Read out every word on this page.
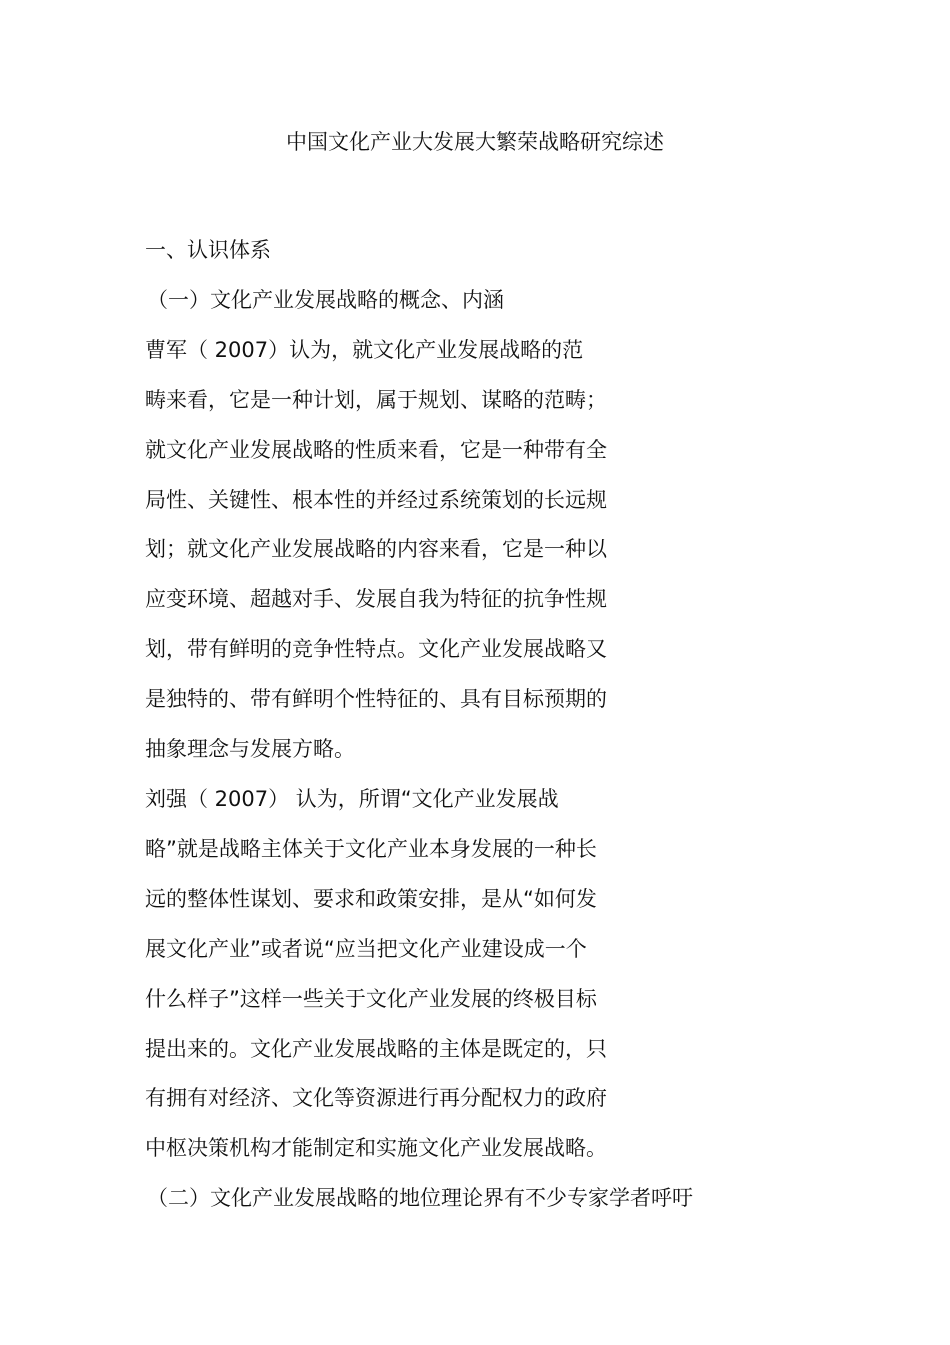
中国文化产业大发展大繁荣战略研究综述

一、认识体系

（一）文化产业发展战略的概念、内涵

曹军（ 2007）认为，就文化产业发展战略的范

畴来看，它是一种计划，属于规划、谋略的范畴；

就文化产业发展战略的性质来看，它是一种带有全

局性、关键性、根本性的并经过系统策划的长远规

划；就文化产业发展战略的内容来看，它是一种以

应变环境、超越对手、发展自我为特征的抗争性规

划，带有鲜明的竞争性特点。文化产业发展战略又

是独特的、带有鲜明个性特征的、具有目标预期的

抽象理念与发展方略。

刘强（ 2007） 认为，所谓“文化产业发展战

略”就是战略主体关于文化产业本身发展的一种长

远的整体性谋划、要求和政策安排，是从“如何发

展文化产业”或者说“应当把文化产业建设成一个

什么样子”这样一些关于文化产业发展的终极目标

提出来的。文化产业发展战略的主体是既定的，只

有拥有对经济、文化等资源进行再分配权力的政府

中枢决策机构才能制定和实施文化产业发展战略。

（二）文化产业发展战略的地位理论界有不少专家学者呼吁
